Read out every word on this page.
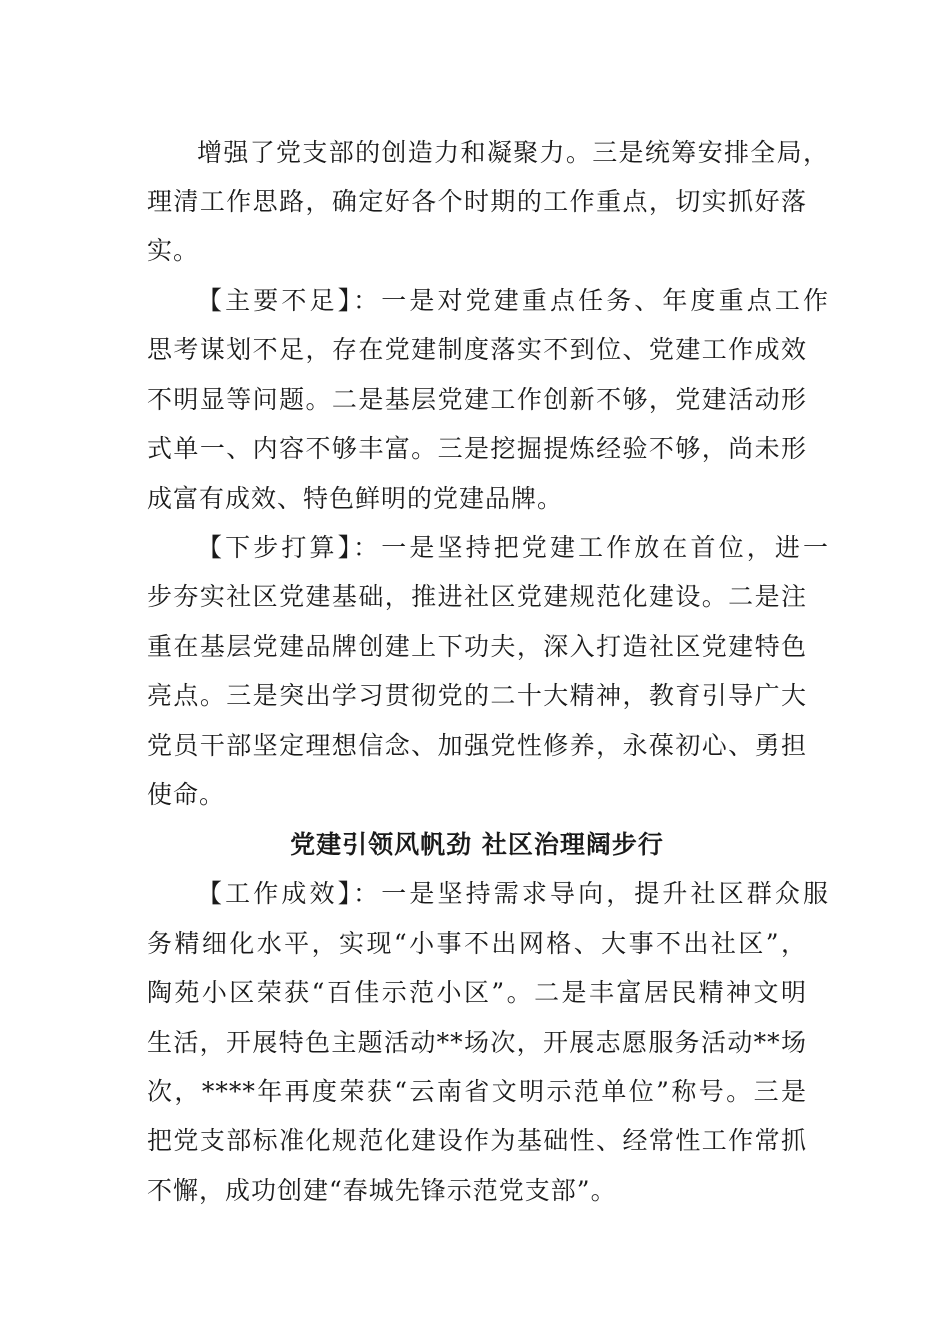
增强了党支部的创造力和凝聚力。三是统筹安排全局，
理清工作思路，确定好各个时期的工作重点，切实抓好落
实。
【主要不足】：一是对党建重点任务、年度重点工作
思考谋划不足，存在党建制度落实不到位、党建工作成效
不明显等问题。二是基层党建工作创新不够，党建活动形
式单一、内容不够丰富。三是挖掘提炼经验不够，尚未形
成富有成效、特色鲜明的党建品牌。
【下步打算】：一是坚持把党建工作放在首位，进一
步夯实社区党建基础，推进社区党建规范化建设。二是注
重在基层党建品牌创建上下功夫，深入打造社区党建特色
亮点。三是突出学习贯彻党的二十大精神，教育引导广大
党员干部坚定理想信念、加强党性修养，永葆初心、勇担
使命。
党建引领风帆劲 社区治理阔步行
【工作成效】：一是坚持需求导向，提升社区群众服
务精细化水平，实现“小事不出网格、大事不出社区”，
陶苑小区荣获“百佳示范小区”。二是丰富居民精神文明
生活，开展特色主题活动**场次，开展志愿服务活动**场
次，****年再度荣获“云南省文明示范单位”称号。三是
把党支部标准化规范化建设作为基础性、经常性工作常抓
不懈，成功创建“春城先锋示范党支部”。
